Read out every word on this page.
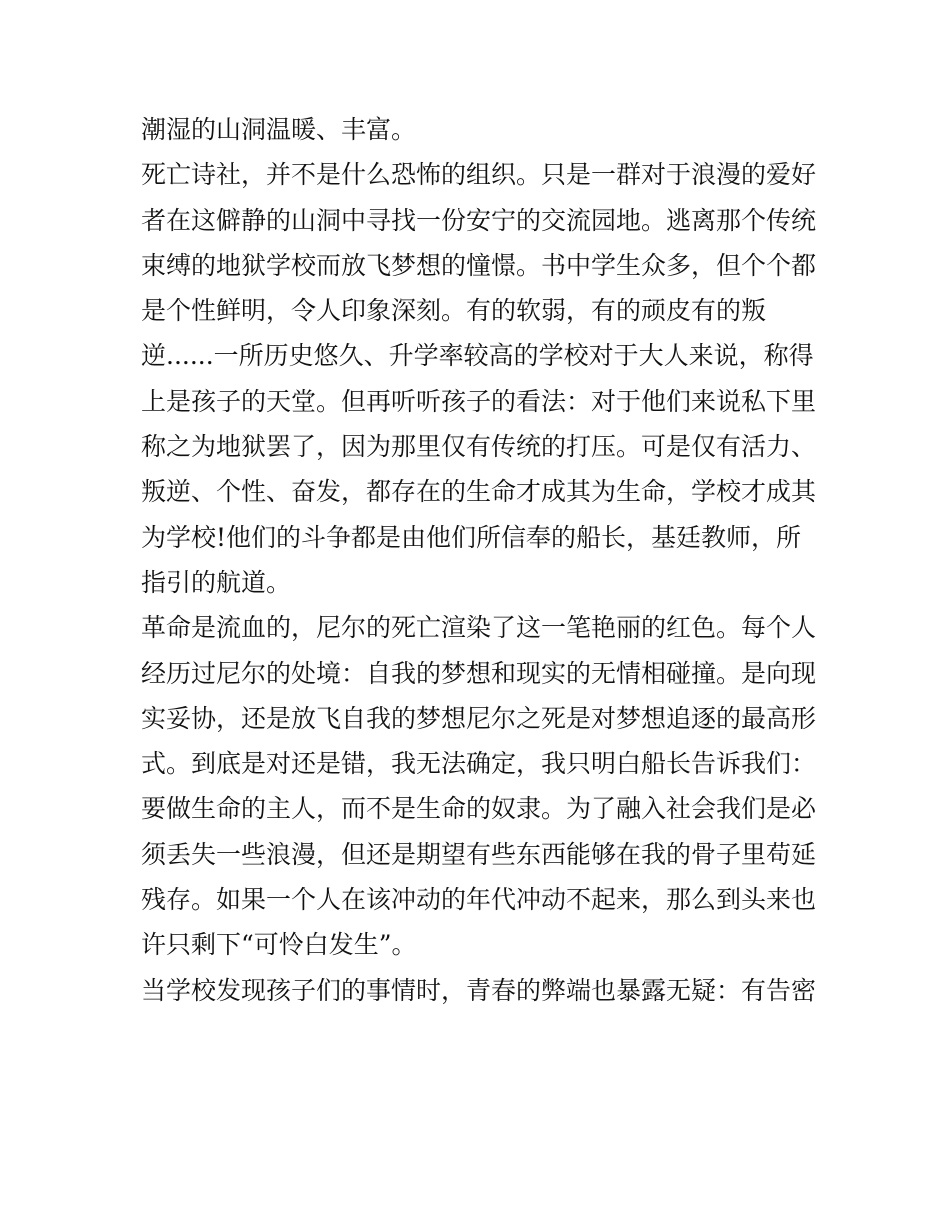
潮湿的山洞温暖、丰富。
死亡诗社，并不是什么恐怖的组织。只是一群对于浪漫的爱好
者在这僻静的山洞中寻找一份安宁的交流园地。逃离那个传统
束缚的地狱学校而放飞梦想的憧憬。书中学生众多，但个个都
是个性鲜明，令人印象深刻。有的软弱，有的顽皮有的叛
逆......一所历史悠久、升学率较高的学校对于大人来说，称得
上是孩子的天堂。但再听听孩子的看法：对于他们来说私下里
称之为地狱罢了，因为那里仅有传统的打压。可是仅有活力、
叛逆、个性、奋发，都存在的生命才成其为生命，学校才成其
为学校!他们的斗争都是由他们所信奉的船长，基廷教师，所
指引的航道。
革命是流血的，尼尔的死亡渲染了这一笔艳丽的红色。每个人
经历过尼尔的处境：自我的梦想和现实的无情相碰撞。是向现
实妥协，还是放飞自我的梦想尼尔之死是对梦想追逐的最高形
式。到底是对还是错，我无法确定，我只明白船长告诉我们：
要做生命的主人，而不是生命的奴隶。为了融入社会我们是必
须丢失一些浪漫，但还是期望有些东西能够在我的骨子里苟延
残存。如果一个人在该冲动的年代冲动不起来，那么到头来也
许只剩下“可怜白发生”。
当学校发现孩子们的事情时，青春的弊端也暴露无疑：有告密
